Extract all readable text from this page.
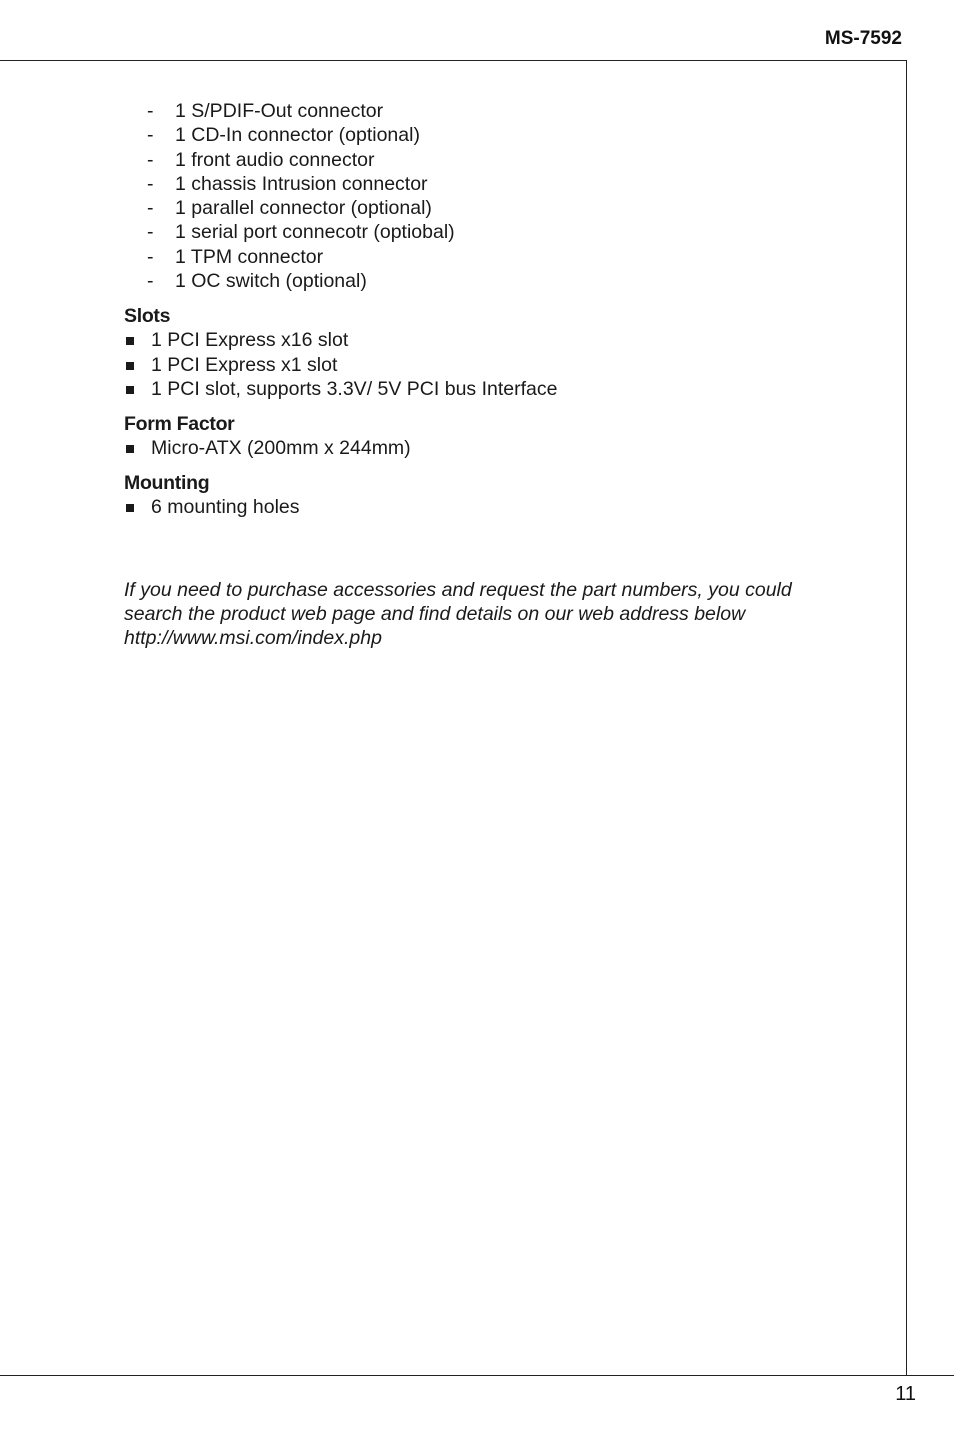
MS-7592
- 1 S/PDIF-Out connector
- 1 CD-In connector (optional)
- 1 front audio connector
- 1 chassis Intrusion connector
- 1 parallel connector (optional)
- 1 serial port connecotr (optiobal)
- 1 TPM connector
- 1 OC switch (optional)
Slots
1 PCI Express x16 slot
1 PCI Express x1 slot
1 PCI slot, supports 3.3V/ 5V PCI bus Interface
Form Factor
Micro-ATX (200mm x 244mm)
Mounting
6 mounting holes

If you need to purchase accessories and request the part numbers, you could

search the product web page and find details on our web address below

http://www.msi.com/index.php

11
